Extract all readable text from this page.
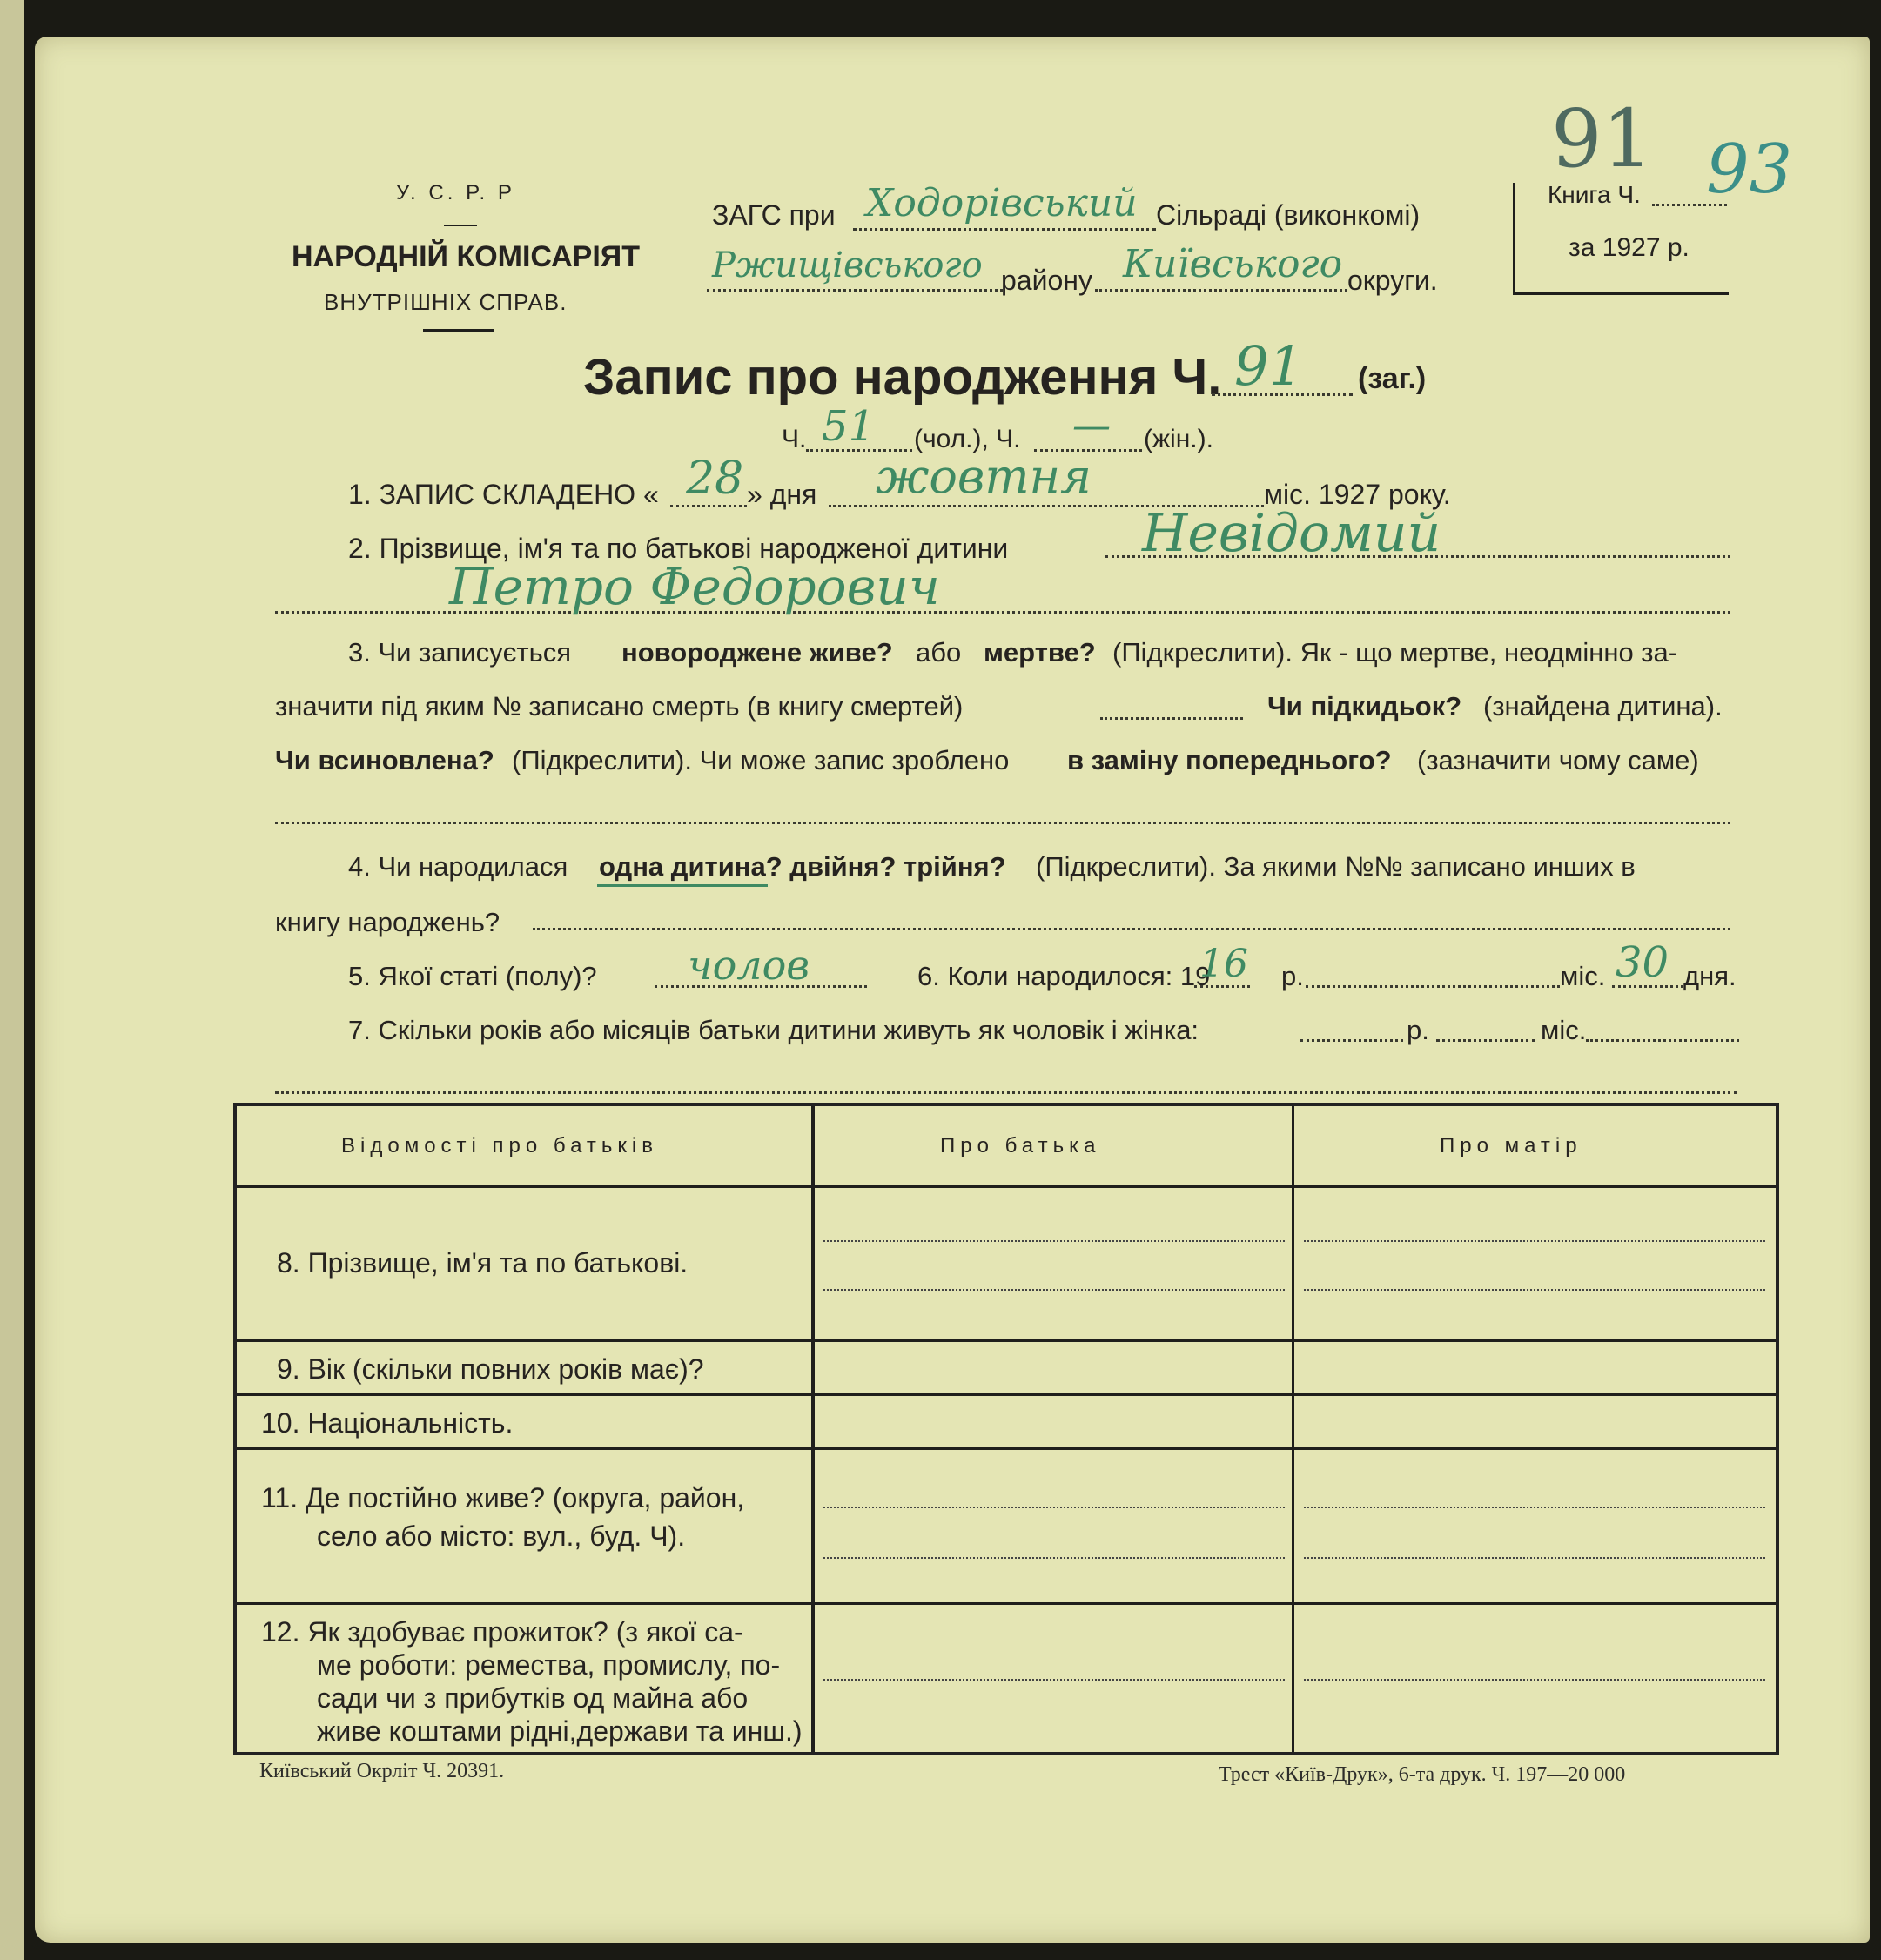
У. С. Р. Р
НАРОДНІЙ КОМІСАРІЯТ
ВНУТРІШНІХ СПРАВ.
ЗАГС при Ходорівський Сільраді (виконкомі)
Ржищівського району Київського округи.
Книга Ч. 93
за 1927 р.
91
Запис про народження Ч. 91 (заг.)
Ч. 51 (чол.), Ч. — (жін.).
1. ЗАПИС СКЛАДЕНО « 28 » дня жовтня	міс. 1927 року.
2. Прізвище, ім'я та по батькові народженої дитини	Невідомий
Петро Федорович
3. Чи записується новороджене живе? або мертве? (Підкреслити). Як - що мертве, неодмінно за-
значити під яким № записано смерть (в книгу смертей)	Чи підкидьок? (знайдена дитина).
Чи всиновлена? (Підкреслити). Чи може запис зроблено в заміну попереднього? (зазначити чому саме)
4. Чи народилася одна дитина? двійня? трійня? (Підкреслити). За якими №№ записано инших в
книгу народжень?
5. Якої статі (полу)? чолов	6. Коли народилося: 19
16 р.	міс. 30 дня.
7. Скільки років або місяців батьки дитини живуть як чоловік і жінка:	р.	міс.
Відомості про батьків	Про батька	Про матір
8. Прізвище, ім'я та по батькові.
9. Вік (скільки повних років має)?
10. Національність.
11. Де постійно живе? (округа, район,
село або місто: вул., буд. Ч).
12. Як здобуває прожиток? (з якої са-
ме роботи: ремества, промислу, по-
сади чи з прибутків од майна або
живе коштами рідні,держави та инш.)
Київський Окрліт Ч. 20391.	Трест «Київ-Друк», 6-та друк. Ч. 197—20 000
